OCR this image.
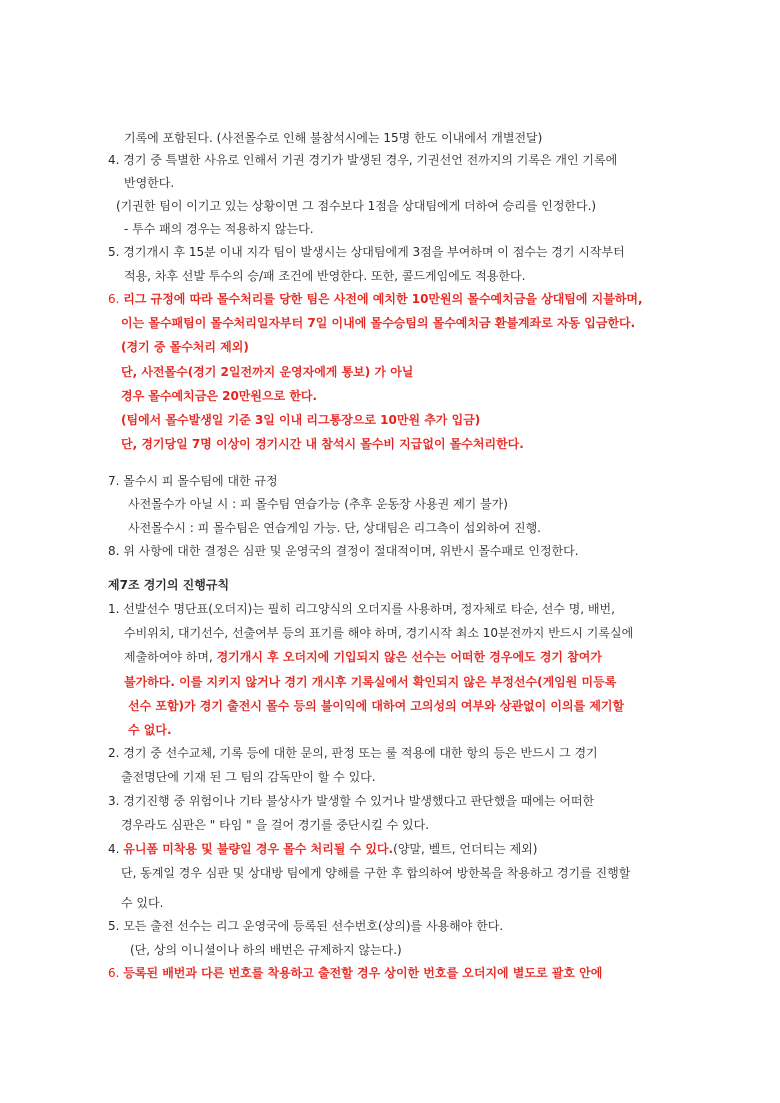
기록에 포함된다. (사전몰수로 인해 불참석시에는 15명 한도 이내에서 개별전달)

4. 경기 중 특별한 사유로 인해서 기권 경기가 발생된 경우, 기권선언 전까지의 기록은 개인 기록에

반영한다.

(기권한 팀이 이기고 있는 상황이면 그 점수보다 1점을 상대팀에게 더하여 승리를 인정한다.)

- 투수 패의 경우는 적용하지 않는다.

5. 경기개시 후 15분 이내 지각 팀이 발생시는 상대팀에게 3점을 부여하며 이 점수는 경기 시작부터

적용, 차후 선발 투수의 승/패 조건에 반영한다. 또한, 콜드게임에도 적용한다.

6. 리그 규정에 따라 몰수처리를 당한 팀은 사전에 예치한 10만원의 몰수예치금을 상대팀에 지불하며,

이는 몰수패팀이 몰수처리일자부터 7일 이내에 몰수승팀의 몰수예치금 환불계좌로 자동 입금한다.

(경기 중 몰수처리 제외)

단, 사전몰수(경기 2일전까지 운영자에게 통보) 가 아닐

경우 몰수예치금은 20만원으로 한다.

(팀에서 몰수발생일 기준 3일 이내 리그통장으로 10만원 추가 입금)

단, 경기당일 7명 이상이 경기시간 내 참석시 몰수비 지급없이 몰수처리한다.

7. 몰수시 피 몰수팀에 대한 규정

사전몰수가 아닐 시 : 피 몰수팀 연습가능 (추후 운동장 사용권 제기 불가)

사전몰수시 : 피 몰수팀은 연습게임 가능. 단, 상대팀은 리그측이 섭외하여 진행.

8. 위 사항에 대한 결정은 심판 및 운영국의 결정이 절대적이며, 위반시 몰수패로 인정한다.

제7조 경기의 진행규칙

1. 선발선수 명단표(오더지)는 필히 리그양식의 오더지를 사용하며, 정자체로 타순, 선수 명, 배번,

수비위치, 대기선수, 선출여부 등의 표기를 해야 하며, 경기시작 최소 10분전까지 반드시 기록실에

제출하여야 하며, 경기개시 후 오더지에 기입되지 않은 선수는 어떠한 경우에도 경기 참여가

불가하다. 이를 지키지 않거나 경기 개시후 기록실에서 확인되지 않은 부정선수(게임원 미등록

선수 포함)가 경기 출전시 몰수 등의 불이익에 대하여 고의성의 여부와 상관없이 이의를 제기할

수 없다.

2. 경기 중 선수교체, 기록 등에 대한 문의, 판정 또는 룰 적용에 대한 항의 등은 반드시 그 경기

출전명단에 기재 된 그 팀의 감독만이 할 수 있다.

3. 경기진행 중 위험이나 기타 불상사가 발생할 수 있거나 발생했다고 판단했을 때에는 어떠한

경우라도 심판은 " 타임 " 을 걸어 경기를 중단시킬 수 있다.

4. 유니폼 미착용 및 불량일 경우 몰수 처리될 수 있다.(양말, 벨트, 언더티는 제외)

단, 동계일 경우 심판 및 상대방 팀에게 양해를 구한 후 합의하여 방한복을 착용하고 경기를 진행할

수 있다.

5. 모든 출전 선수는 리그 운영국에 등록된 선수번호(상의)를 사용해야 한다.

(단, 상의 이니셜이나 하의 배번은 규제하지 않는다.)

6. 등록된 배번과 다른 번호를 착용하고 출전할 경우 상이한 번호를 오더지에 별도로 괄호 안에
